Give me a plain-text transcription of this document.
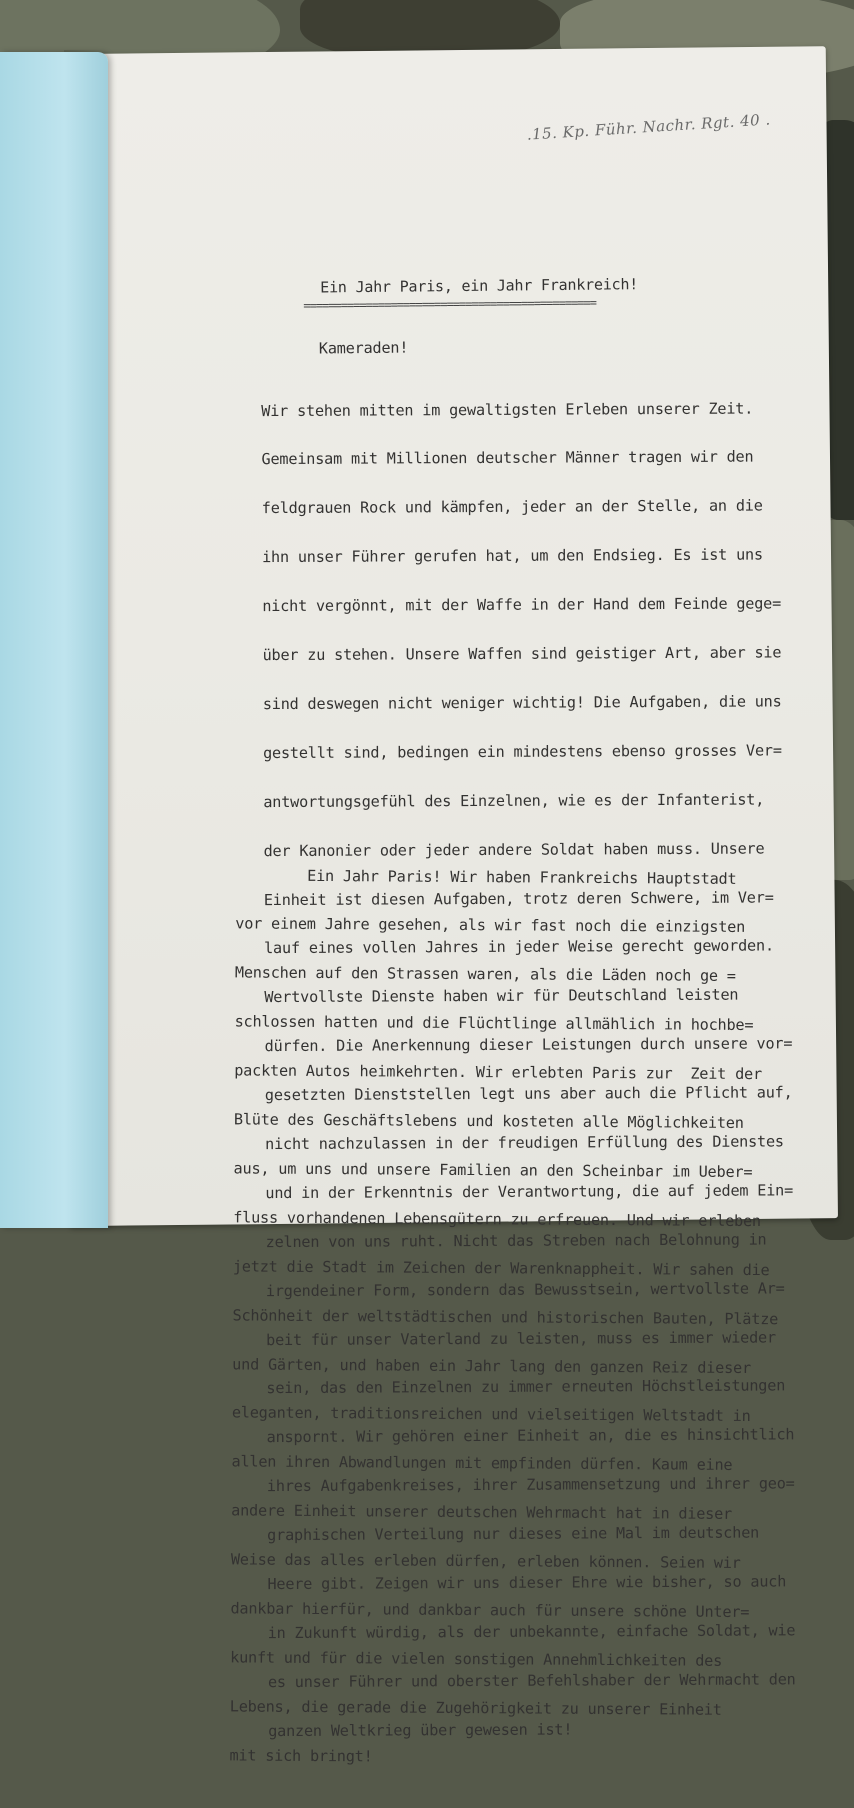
.15. Kp. Führ. Nachr. Rgt. 40 .
Ein Jahr Paris, ein Jahr Frankreich!
===============================================
Kameraden!

Wir stehen mitten im gewaltigsten Erleben unserer Zeit.

Gemeinsam mit Millionen deutscher Männer tragen wir den

feldgrauen Rock und kämpfen, jeder an der Stelle, an die

ihn unser Führer gerufen hat, um den Endsieg. Es ist uns

nicht vergönnt, mit der Waffe in der Hand dem Feinde gege=

über zu stehen. Unsere Waffen sind geistiger Art, aber sie

sind deswegen nicht weniger wichtig! Die Aufgaben, die uns

gestellt sind, bedingen ein mindestens ebenso grosses Ver=

antwortungsgefühl des Einzelnen, wie es der Infanterist,

der Kanonier oder jeder andere Soldat haben muss. Unsere

Einheit ist diesen Aufgaben, trotz deren Schwere, im Ver=

lauf eines vollen Jahres in jeder Weise gerecht geworden.

Wertvollste Dienste haben wir für Deutschland leisten

dürfen. Die Anerkennung dieser Leistungen durch unsere vor=

gesetzten Dienststellen legt uns aber auch die Pflicht auf,

nicht nachzulassen in der freudigen Erfüllung des Dienstes

und in der Erkenntnis der Verantwortung, die auf jedem Ein=

zelnen von uns ruht. Nicht das Streben nach Belohnung in

irgendeiner Form, sondern das Bewusstsein, wertvollste Ar=

beit für unser Vaterland zu leisten, muss es immer wieder

sein, das den Einzelnen zu immer erneuten Höchstleistungen

anspornt. Wir gehören einer Einheit an, die es hinsichtlich

ihres Aufgabenkreises, ihrer Zusammensetzung und ihrer geo=

graphischen Verteilung nur dieses eine Mal im deutschen

Heere gibt. Zeigen wir uns dieser Ehre wie bisher, so auch

in Zukunft würdig, als der unbekannte, einfache Soldat, wie

es unser Führer und oberster Befehlshaber der Wehrmacht den

ganzen Weltkrieg über gewesen ist!

Ein Jahr Paris! Wir haben Frankreichs Hauptstadt

vor einem Jahre gesehen, als wir fast noch die einzigsten

Menschen auf den Strassen waren, als die Läden noch ge =

schlossen hatten und die Flüchtlinge allmählich in hochbe=

packten Autos heimkehrten. Wir erlebten Paris zur  Zeit der

Blüte des Geschäftslebens und kosteten alle Möglichkeiten

aus, um uns und unsere Familien an den Scheinbar im Ueber=

fluss vorhandenen Lebensgütern zu erfreuen. Und wir erleben

jetzt die Stadt im Zeichen der Warenknappheit. Wir sahen die

Schönheit der weltstädtischen und historischen Bauten, Plätze

und Gärten, und haben ein Jahr lang den ganzen Reiz dieser

eleganten, traditionsreichen und vielseitigen Weltstadt in

allen ihren Abwandlungen mit empfinden dürfen. Kaum eine

andere Einheit unserer deutschen Wehrmacht hat in dieser

Weise das alles erleben dürfen, erleben können. Seien wir

dankbar hierfür, und dankbar auch für unsere schöne Unter=

kunft und für die vielen sonstigen Annehmlichkeiten des

Lebens, die gerade die Zugehörigkeit zu unserer Einheit

mit sich bringt!
